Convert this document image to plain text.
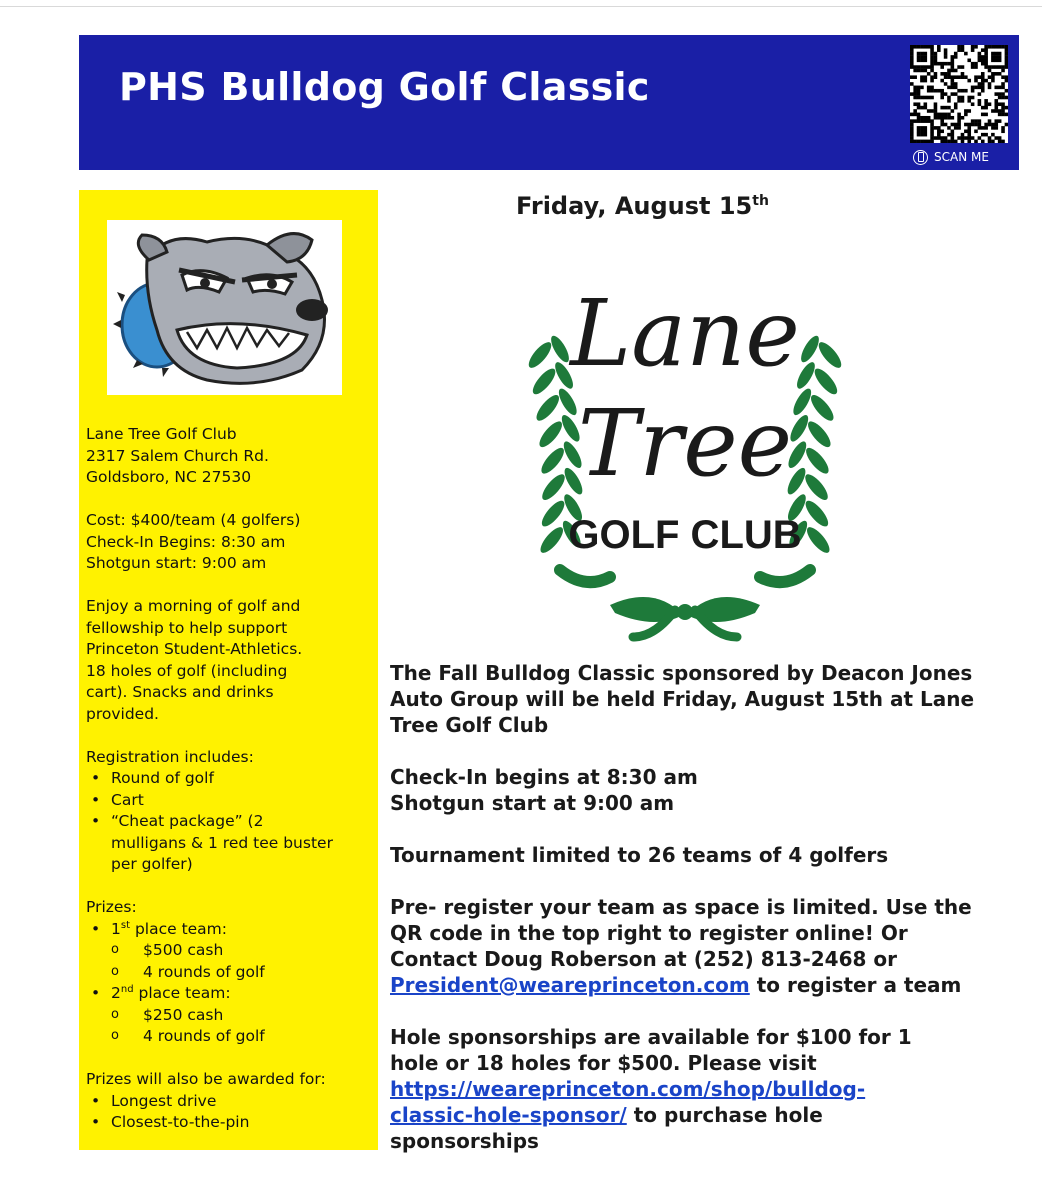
PHS Bulldog Golf Classic
SCAN ME

Lane Tree Golf Club

2317 Salem Church Rd.

Goldsboro, NC 27530

Cost: $400/team (4 golfers)

Check-In Begins: 8:30 am

Shotgun start: 9:00 am

Enjoy a morning of golf and

fellowship to help support

Princeton Student-Athletics.

18 holes of golf (including

cart). Snacks and drinks

provided.

Registration includes:

• Round of golf
• Cart
• “Cheat package” (2
mulligans & 1 red tee buster
per golfer)

Prizes:

• 1st place team:
o $500 cash
o 4 rounds of golf
• 2nd place team:
o $250 cash
o 4 rounds of golf

Prizes will also be awarded for:

• Longest drive
• Closest-to-the-pin
Friday, August 15th
Lane
Tree
GOLF CLUB

The Fall Bulldog Classic sponsored by Deacon Jones

Auto Group will be held Friday, August 15th at Lane

Tree Golf Club

Check-In begins at 8:30 am

Shotgun start at 9:00 am

Tournament limited to 26 teams of 4 golfers

Pre- register your team as space is limited. Use the

QR code in the top right to register online! Or

Contact Doug Roberson at (252) 813-2468 or

President@weareprinceton.com to register a team

Hole sponsorships are available for $100 for 1

hole or 18 holes for $500. Please visit

https://weareprinceton.com/shop/bulldog-

classic-hole-sponsor/ to purchase hole

sponsorships
